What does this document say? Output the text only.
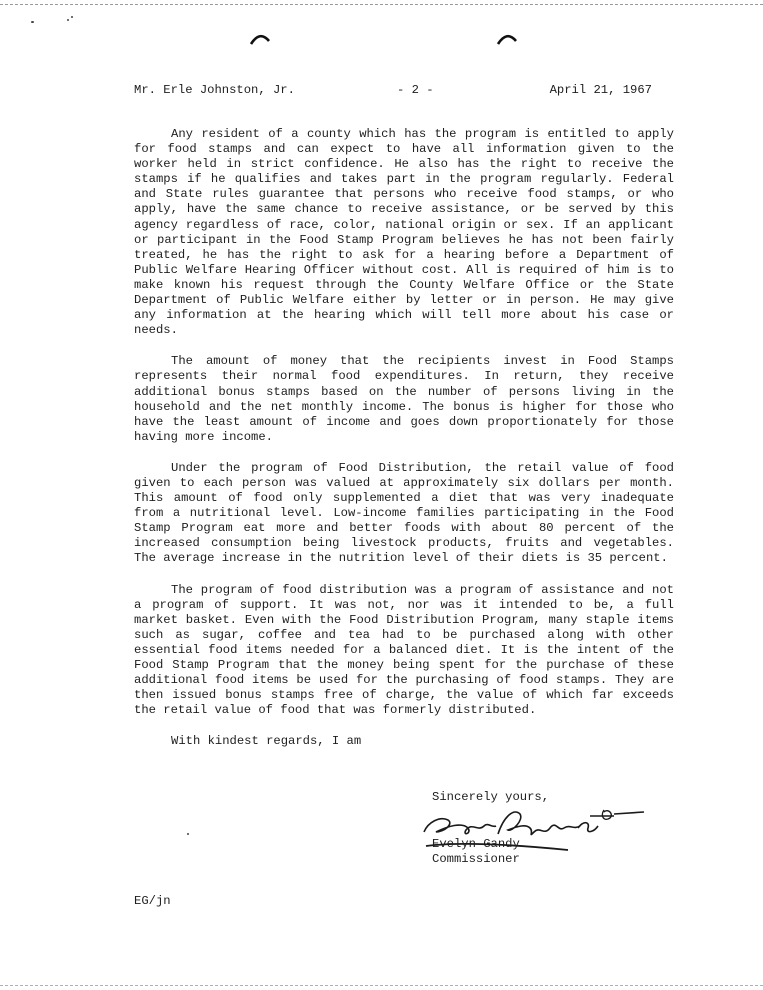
Mr. Erle Johnston, Jr.	- 2 -	April 21, 1967

Any resident of a county which has the program is entitled to apply for food stamps and can expect to have all information given to the worker held in strict confidence. He also has the right to receive the stamps if he qualifies and takes part in the program regularly. Federal and State rules guarantee that persons who receive food stamps, or who apply, have the same chance to receive assistance, or be served by this agency regardless of race, color, national origin or sex. If an applicant or participant in the Food Stamp Program believes he has not been fairly treated, he has the right to ask for a hearing before a Department of Public Welfare Hearing Officer without cost. All is required of him is to make known his request through the County Welfare Office or the State Department of Public Welfare either by letter or in person. He may give any information at the hearing which will tell more about his case or needs.

The amount of money that the recipients invest in Food Stamps represents their normal food expenditures. In return, they receive additional bonus stamps based on the number of persons living in the household and the net monthly income. The bonus is higher for those who have the least amount of income and goes down proportionately for those having more income.

Under the program of Food Distribution, the retail value of food given to each person was valued at approximately six dollars per month. This amount of food only supplemented a diet that was very inadequate from a nutritional level. Low-income families participating in the Food Stamp Program eat more and better foods with about 80 percent of the increased consumption being livestock products, fruits and vegetables. The average increase in the nutrition level of their diets is 35 percent.

The program of food distribution was a program of assistance and not a program of support. It was not, nor was it intended to be, a full market basket. Even with the Food Distribution Program, many staple items such as sugar, coffee and tea had to be purchased along with other essential food items needed for a balanced diet. It is the intent of the Food Stamp Program that the money being spent for the purchase of these additional food items be used for the purchasing of food stamps. They are then issued bonus stamps free of charge, the value of which far exceeds the retail value of food that was formerly distributed.

With kindest regards, I am

Sincerely yours,
Evelyn Gandy
Commissioner
EG/jn
